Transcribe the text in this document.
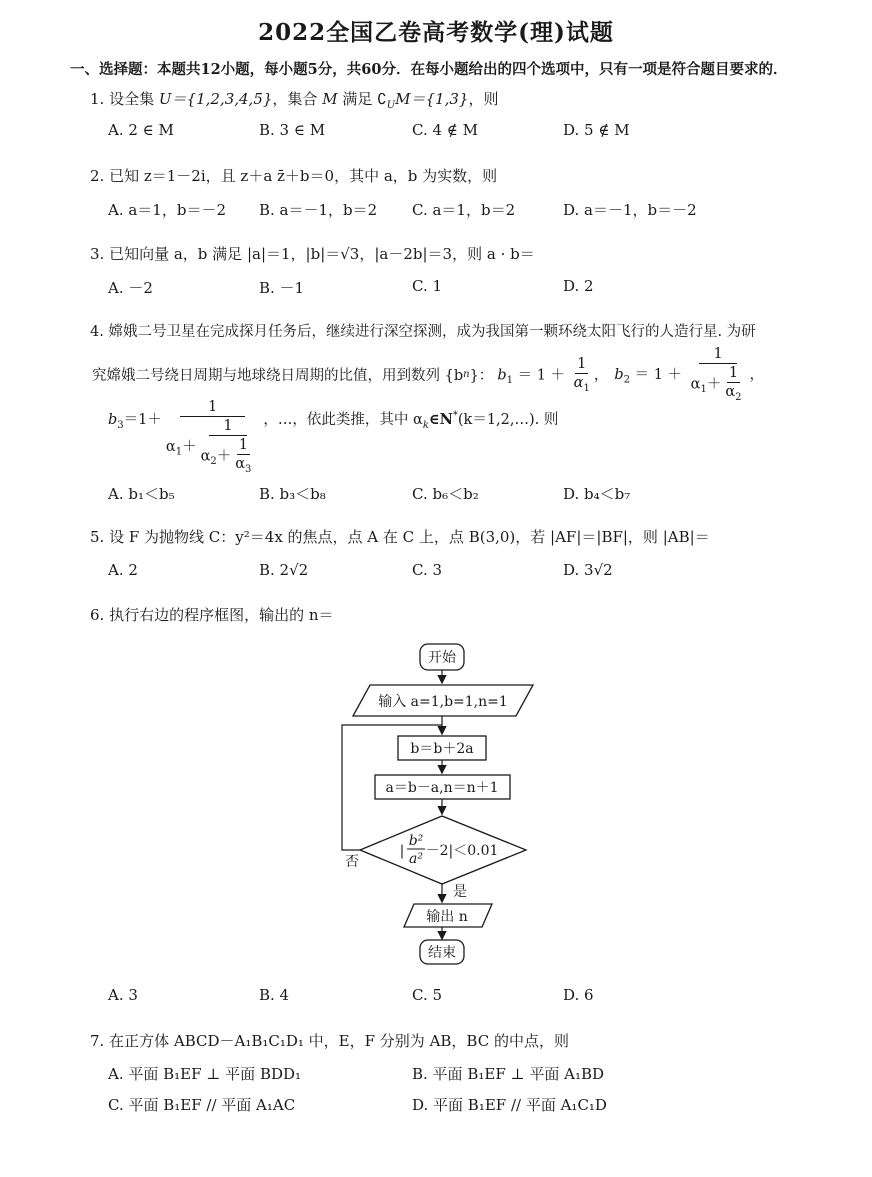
2022全国乙卷高考数学(理)试题
一、选择题：本题共12小题，每小题5分，共60分．在每小题给出的四个选项中，只有一项是符合题目要求的．
1. 设全集 U＝{1,2,3,4,5}，集合 M 满足 $∁_UM=\{1,3\}$，则
A. 2 ∈ M	B. 3 ∈ M	C. 4 ∉ M	D. 5 ∉ M
2. 已知 z＝1－2i，且 z＋a z̄＋b＝0，其中 a，b 为实数，则
A. a＝1，b＝－2 B. a＝－1，b＝2 C. a＝1，b＝2	D. a＝－1，b＝－2
3. 已知向量 a，b 满足 |a|＝1，|b|＝√3，|a－2b|＝3，则 a · b＝
A. －2	B. －1	C. 1	D. 2
4. 嫦娥二号卫星在完成探月任务后，继续进行深空探测，成为我国第一颗环绕太阳飞行的人造行星. 为研
究嫦娥二号绕日周期与地球绕日周期的比值，用到数列 {b n }： $b_1 = 1 + \frac{1}{\alpha_1}$ ， $b_2 = 1 + \frac{1}{\alpha_1+ \frac{1}{\alpha_2}}$ ，
$b_3=1+ \frac{1}{\alpha_1+ \frac{1}{\alpha_2+ \frac{1}{\alpha_3}}}$ ，…，依此类推，其中 $\alpha_k\in N^*(k=1,2,\dots)$. 则
A. b₁＜b₅	B. b₃＜b₈	C. b₆＜b₂	D. b₄＜b₇
5. 设 F 为抛物线 C：y²＝4x 的焦点，点 A 在 C 上，点 B(3,0)，若 |AF|＝|BF|，则 |AB|＝
A. 2	B. 2√2	C. 3	D. 3√2
6. 执行右边的程序框图，输出的 n＝
开始
输入 a=1,b=1,n=1
b＝b＋2a
a＝b－a,n＝n＋1
|
b²
a² －2|＜0.01
否
是
输出 n
结束
A. 3	B. 4	C. 5	D. 6
7. 在正方体 ABCD－A₁B₁C₁D₁ 中，E，F 分别为 AB，BC 的中点，则
A. 平面 B₁EF ⊥ 平面 BDD₁	B. 平面 B₁EF ⊥ 平面 A₁BD
C. 平面 B₁EF // 平面 A₁AC	D. 平面 B₁EF // 平面 A₁C₁D
